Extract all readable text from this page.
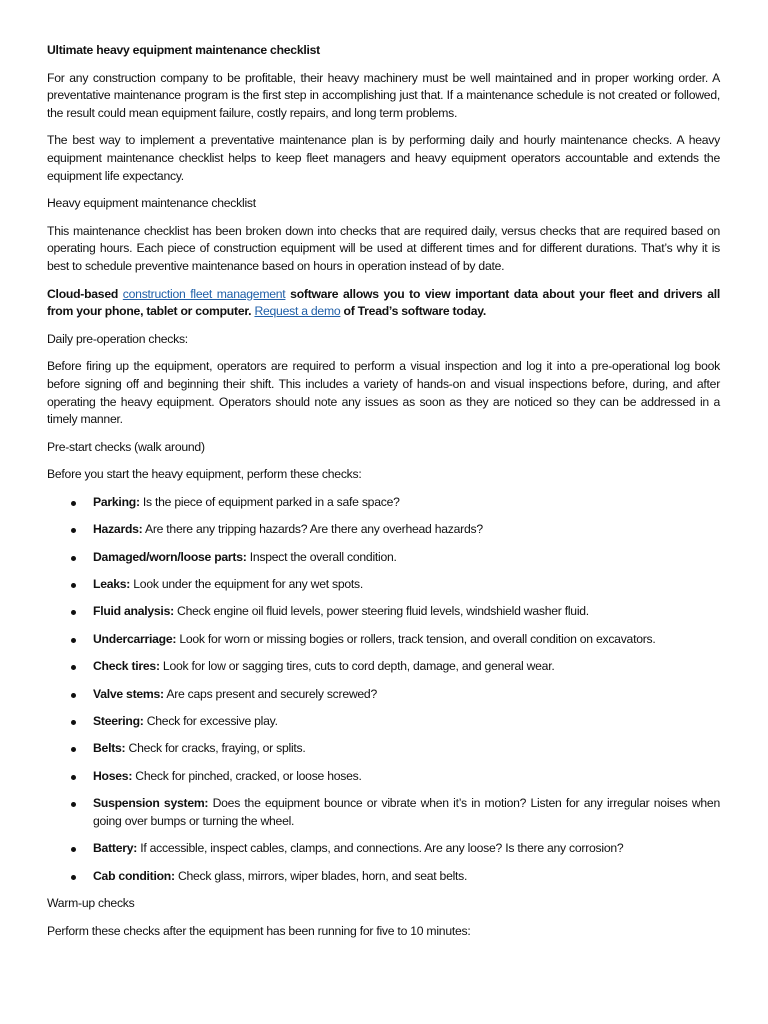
Ultimate heavy equipment maintenance checklist

For any construction company to be profitable, their heavy machinery must be well maintained and in proper working order. A preventative maintenance program is the first step in accomplishing just that. If a maintenance schedule is not created or followed, the result could mean equipment failure, costly repairs, and long term problems.

The best way to implement a preventative maintenance plan is by performing daily and hourly maintenance checks. A heavy equipment maintenance checklist helps to keep fleet managers and heavy equipment operators accountable and extends the equipment life expectancy.

Heavy equipment maintenance checklist

This maintenance checklist has been broken down into checks that are required daily, versus checks that are required based on operating hours. Each piece of construction equipment will be used at different times and for different durations. That’s why it is best to schedule preventive maintenance based on hours in operation instead of by date.

Cloud-based construction fleet management software allows you to view important data about your fleet and drivers all from your phone, tablet or computer. Request a demo of Tread’s software today.

Daily pre-operation checks:

Before firing up the equipment, operators are required to perform a visual inspection and log it into a pre-operational log book before signing off and beginning their shift. This includes a variety of hands-on and visual inspections before, during, and after operating the heavy equipment. Operators should note any issues as soon as they are noticed so they can be addressed in a timely manner.

Pre-start checks (walk around)

Before you start the heavy equipment, perform these checks:

Parking: Is the piece of equipment parked in a safe space?
Hazards: Are there any tripping hazards? Are there any overhead hazards?
Damaged/worn/loose parts: Inspect the overall condition.
Leaks: Look under the equipment for any wet spots.
Fluid analysis: Check engine oil fluid levels, power steering fluid levels, windshield washer fluid.
Undercarriage: Look for worn or missing bogies or rollers, track tension, and overall condition on excavators.
Check tires: Look for low or sagging tires, cuts to cord depth, damage, and general wear.
Valve stems: Are caps present and securely screwed?
Steering: Check for excessive play.
Belts: Check for cracks, fraying, or splits.
Hoses: Check for pinched, cracked, or loose hoses.
Suspension system: Does the equipment bounce or vibrate when it’s in motion? Listen for any irregular noises when going over bumps or turning the wheel.
Battery: If accessible, inspect cables, clamps, and connections. Are any loose? Is there any corrosion?
Cab condition: Check glass, mirrors, wiper blades, horn, and seat belts.

Warm-up checks

Perform these checks after the equipment has been running for five to 10 minutes:
